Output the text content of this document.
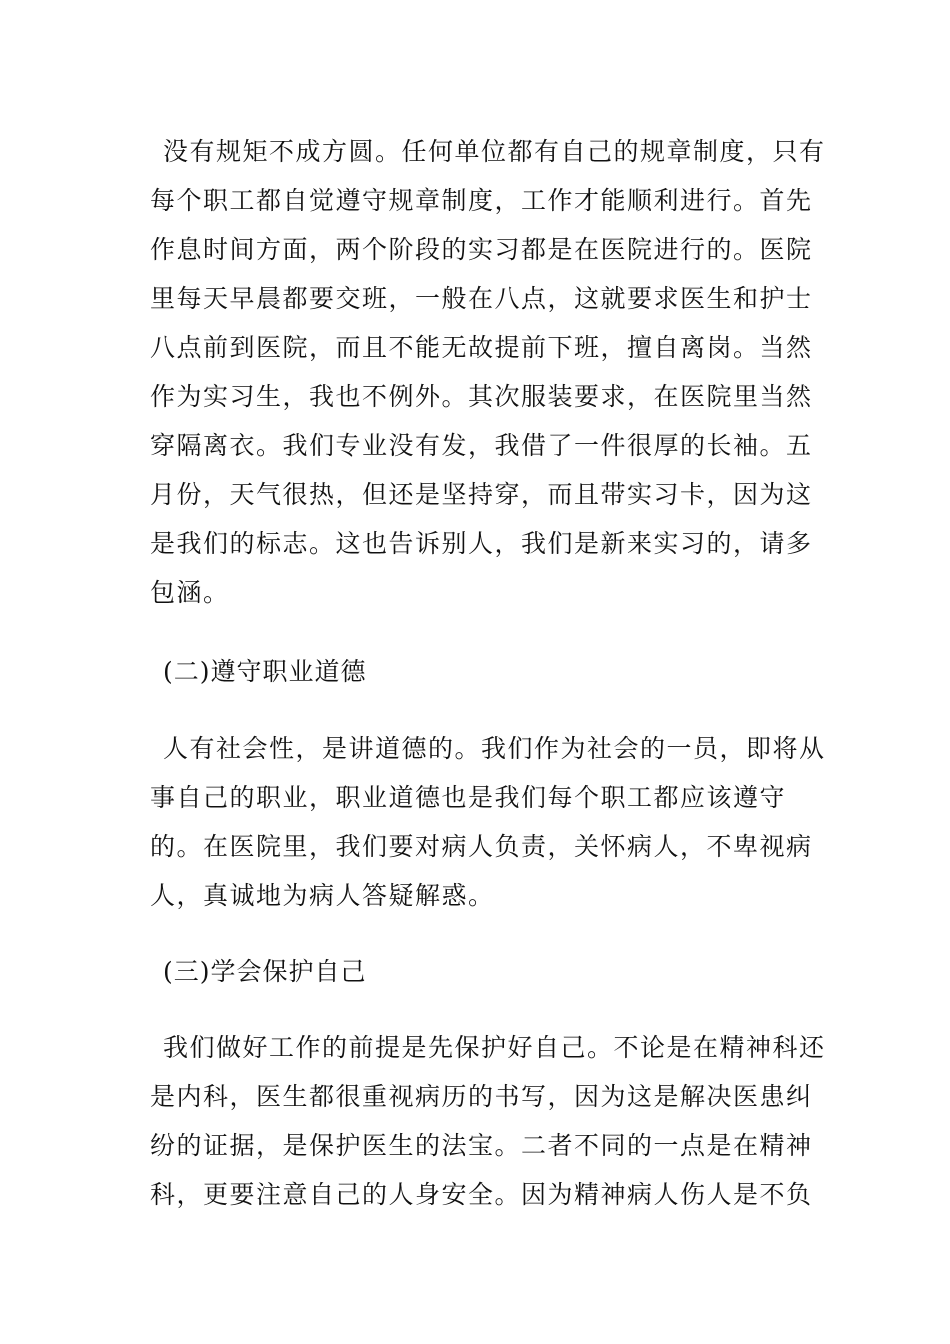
没有规矩不成方圆。任何单位都有自己的规章制度，只有
每个职工都自觉遵守规章制度，工作才能顺利进行。首先
作息时间方面，两个阶段的实习都是在医院进行的。医院
里每天早晨都要交班，一般在八点，这就要求医生和护士
八点前到医院，而且不能无故提前下班，擅自离岗。当然
作为实习生，我也不例外。其次服装要求，在医院里当然
穿隔离衣。我们专业没有发，我借了一件很厚的长袖。五
月份，天气很热，但还是坚持穿，而且带实习卡，因为这
是我们的标志。这也告诉别人，我们是新来实习的，请多
包涵。
(二)遵守职业道德
人有社会性，是讲道德的。我们作为社会的一员，即将从
事自己的职业，职业道德也是我们每个职工都应该遵守
的。在医院里，我们要对病人负责，关怀病人，不卑视病
人，真诚地为病人答疑解惑。
(三)学会保护自己
我们做好工作的前提是先保护好自己。不论是在精神科还
是内科，医生都很重视病历的书写，因为这是解决医患纠
纷的证据，是保护医生的法宝。二者不同的一点是在精神
科，更要注意自己的人身安全。因为精神病人伤人是不负
